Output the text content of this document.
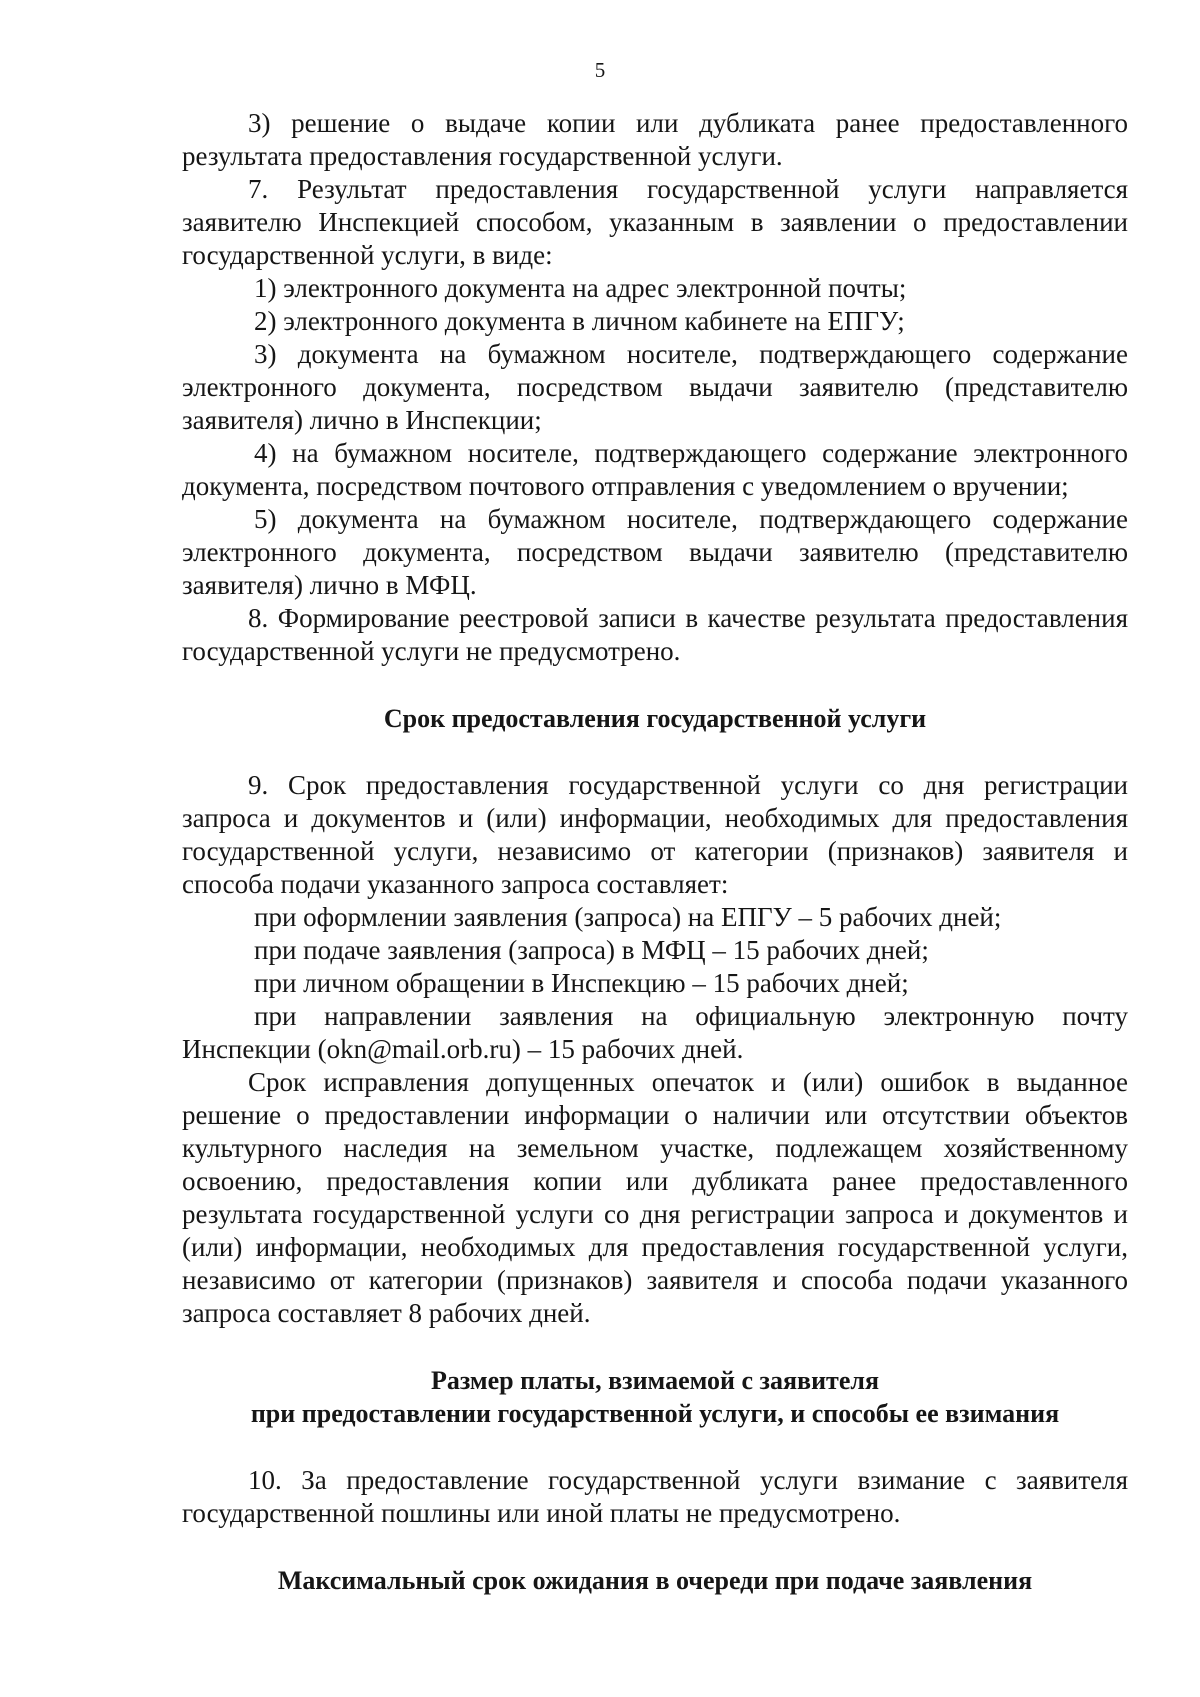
5

3) решение о выдаче копии или дубликата ранее предоставленного результата предоставления государственной услуги.

7. Результат предоставления государственной услуги направляется заявителю Инспекцией способом, указанным в заявлении о предоставлении государственной услуги, в виде:

1) электронного документа на адрес электронной почты;

2) электронного документа в личном кабинете на ЕПГУ;

3) документа на бумажном носителе, подтверждающего содержание электронного документа, посредством выдачи заявителю (представителю заявителя) лично в Инспекции;

4) на бумажном носителе, подтверждающего содержание электронного документа, посредством почтового отправления с уведомлением о вручении;

5) документа на бумажном носителе, подтверждающего содержание электронного документа, посредством выдачи заявителю (представителю заявителя) лично в МФЦ.

8. Формирование реестровой записи в качестве результата предоставления государственной услуги не предусмотрено.

Срок предоставления государственной услуги

9. Срок предоставления государственной услуги со дня регистрации запроса и документов и (или) информации, необходимых для предоставления государственной услуги, независимо от категории (признаков) заявителя и способа подачи указанного запроса составляет:

при оформлении заявления (запроса) на ЕПГУ – 5 рабочих дней;

при подаче заявления (запроса) в МФЦ – 15 рабочих дней;

при личном обращении в Инспекцию – 15 рабочих дней;

при направлении заявления на официальную электронную почту Инспекции (okn@mail.orb.ru) – 15 рабочих дней.

Срок исправления допущенных опечаток и (или) ошибок в выданное решение о предоставлении информации о наличии или отсутствии объектов культурного наследия на земельном участке, подлежащем хозяйственному освоению, предоставления копии или дубликата ранее предоставленного результата государственной услуги со дня регистрации запроса и документов и (или) информации, необходимых для предоставления государственной услуги, независимо от категории (признаков) заявителя и способа подачи указанного запроса составляет 8 рабочих дней.

Размер платы, взимаемой с заявителя
при предоставлении государственной услуги, и способы ее взимания

10. За предоставление государственной услуги взимание с заявителя государственной пошлины или иной платы не предусмотрено.

Максимальный срок ожидания в очереди при подаче заявления
